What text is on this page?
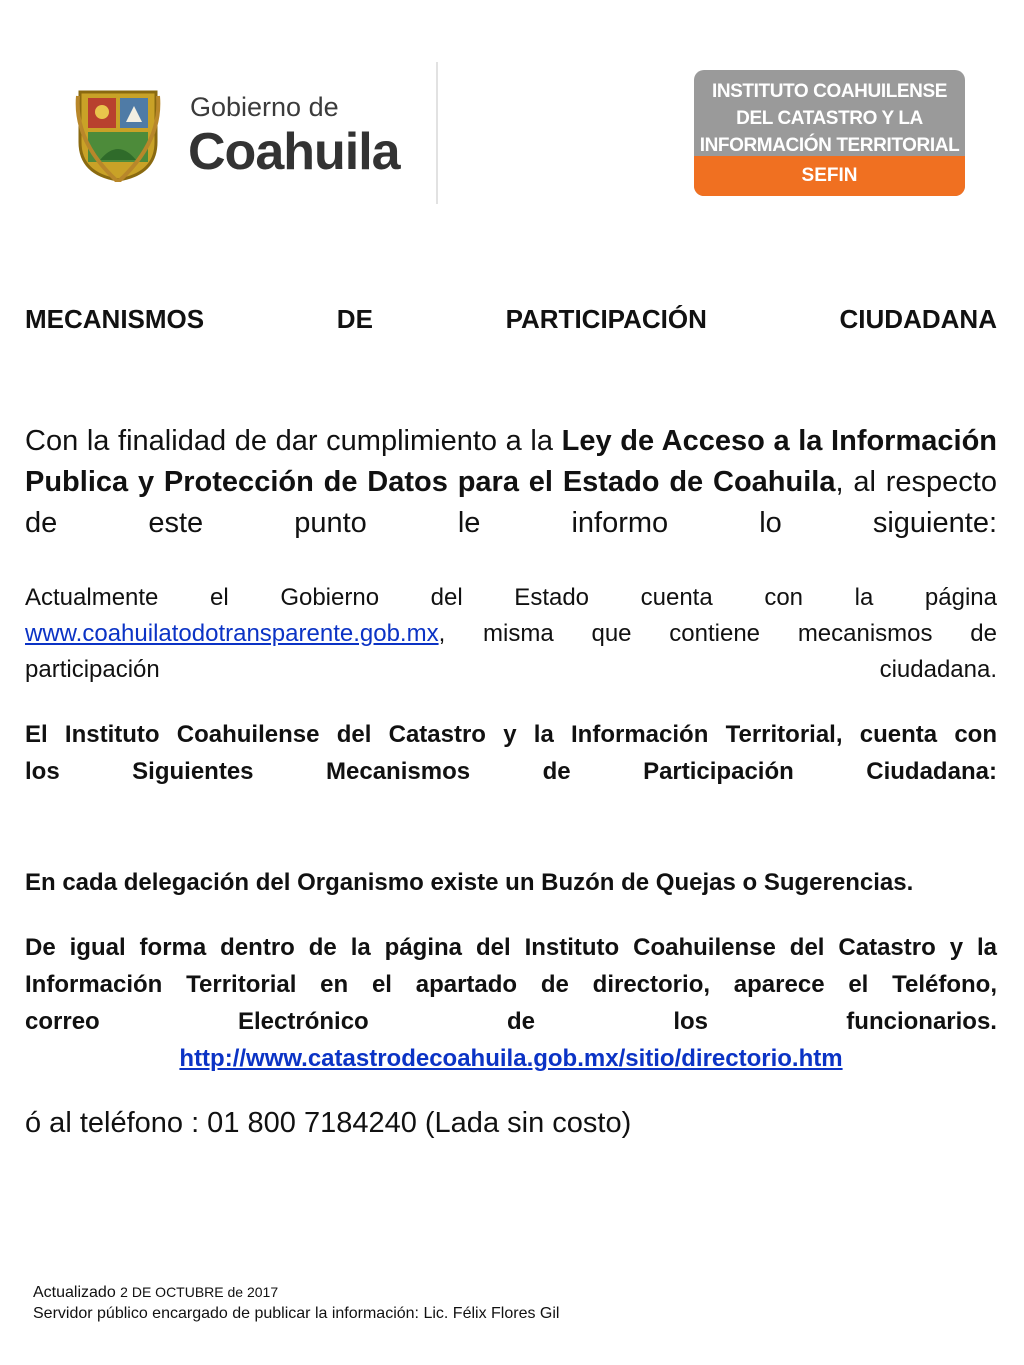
Gobierno de
Coahuila
INSTITUTO COAHUILENSE
DEL CATASTRO Y LA
INFORMACIÓN TERRITORIAL
SEFIN
MECANISMOS	DE	PARTICIPACIÓN	CIUDADANA
Con la finalidad de dar cumplimiento a la Ley de Acceso a la Información Publica y Protección de Datos para el Estado de Coahuila, al respecto de este punto le informo lo siguiente:
Actualmente el Gobierno del Estado cuenta con la página
www.coahuilatodotransparente.gob.mx, misma que contiene mecanismos de
participación	ciudadana.
El Instituto Coahuilense del Catastro y la Información Territorial, cuenta con
los	Siguientes	Mecanismos	de	Participación	Ciudadana:
En cada delegación del Organismo existe un Buzón de Quejas o Sugerencias.
De igual forma dentro de la página del Instituto Coahuilense del Catastro y la Información Territorial en el apartado de directorio, aparece el Teléfono,
correo	Electrónico	de	los	funcionarios.
http://www.catastrodecoahuila.gob.mx/sitio/directorio.htm
ó al teléfono : 01 800 7184240 (Lada sin costo)
Actualizado 2 DE OCTUBRE de 2017
Servidor público encargado de publicar la información: Lic. Félix Flores Gil
